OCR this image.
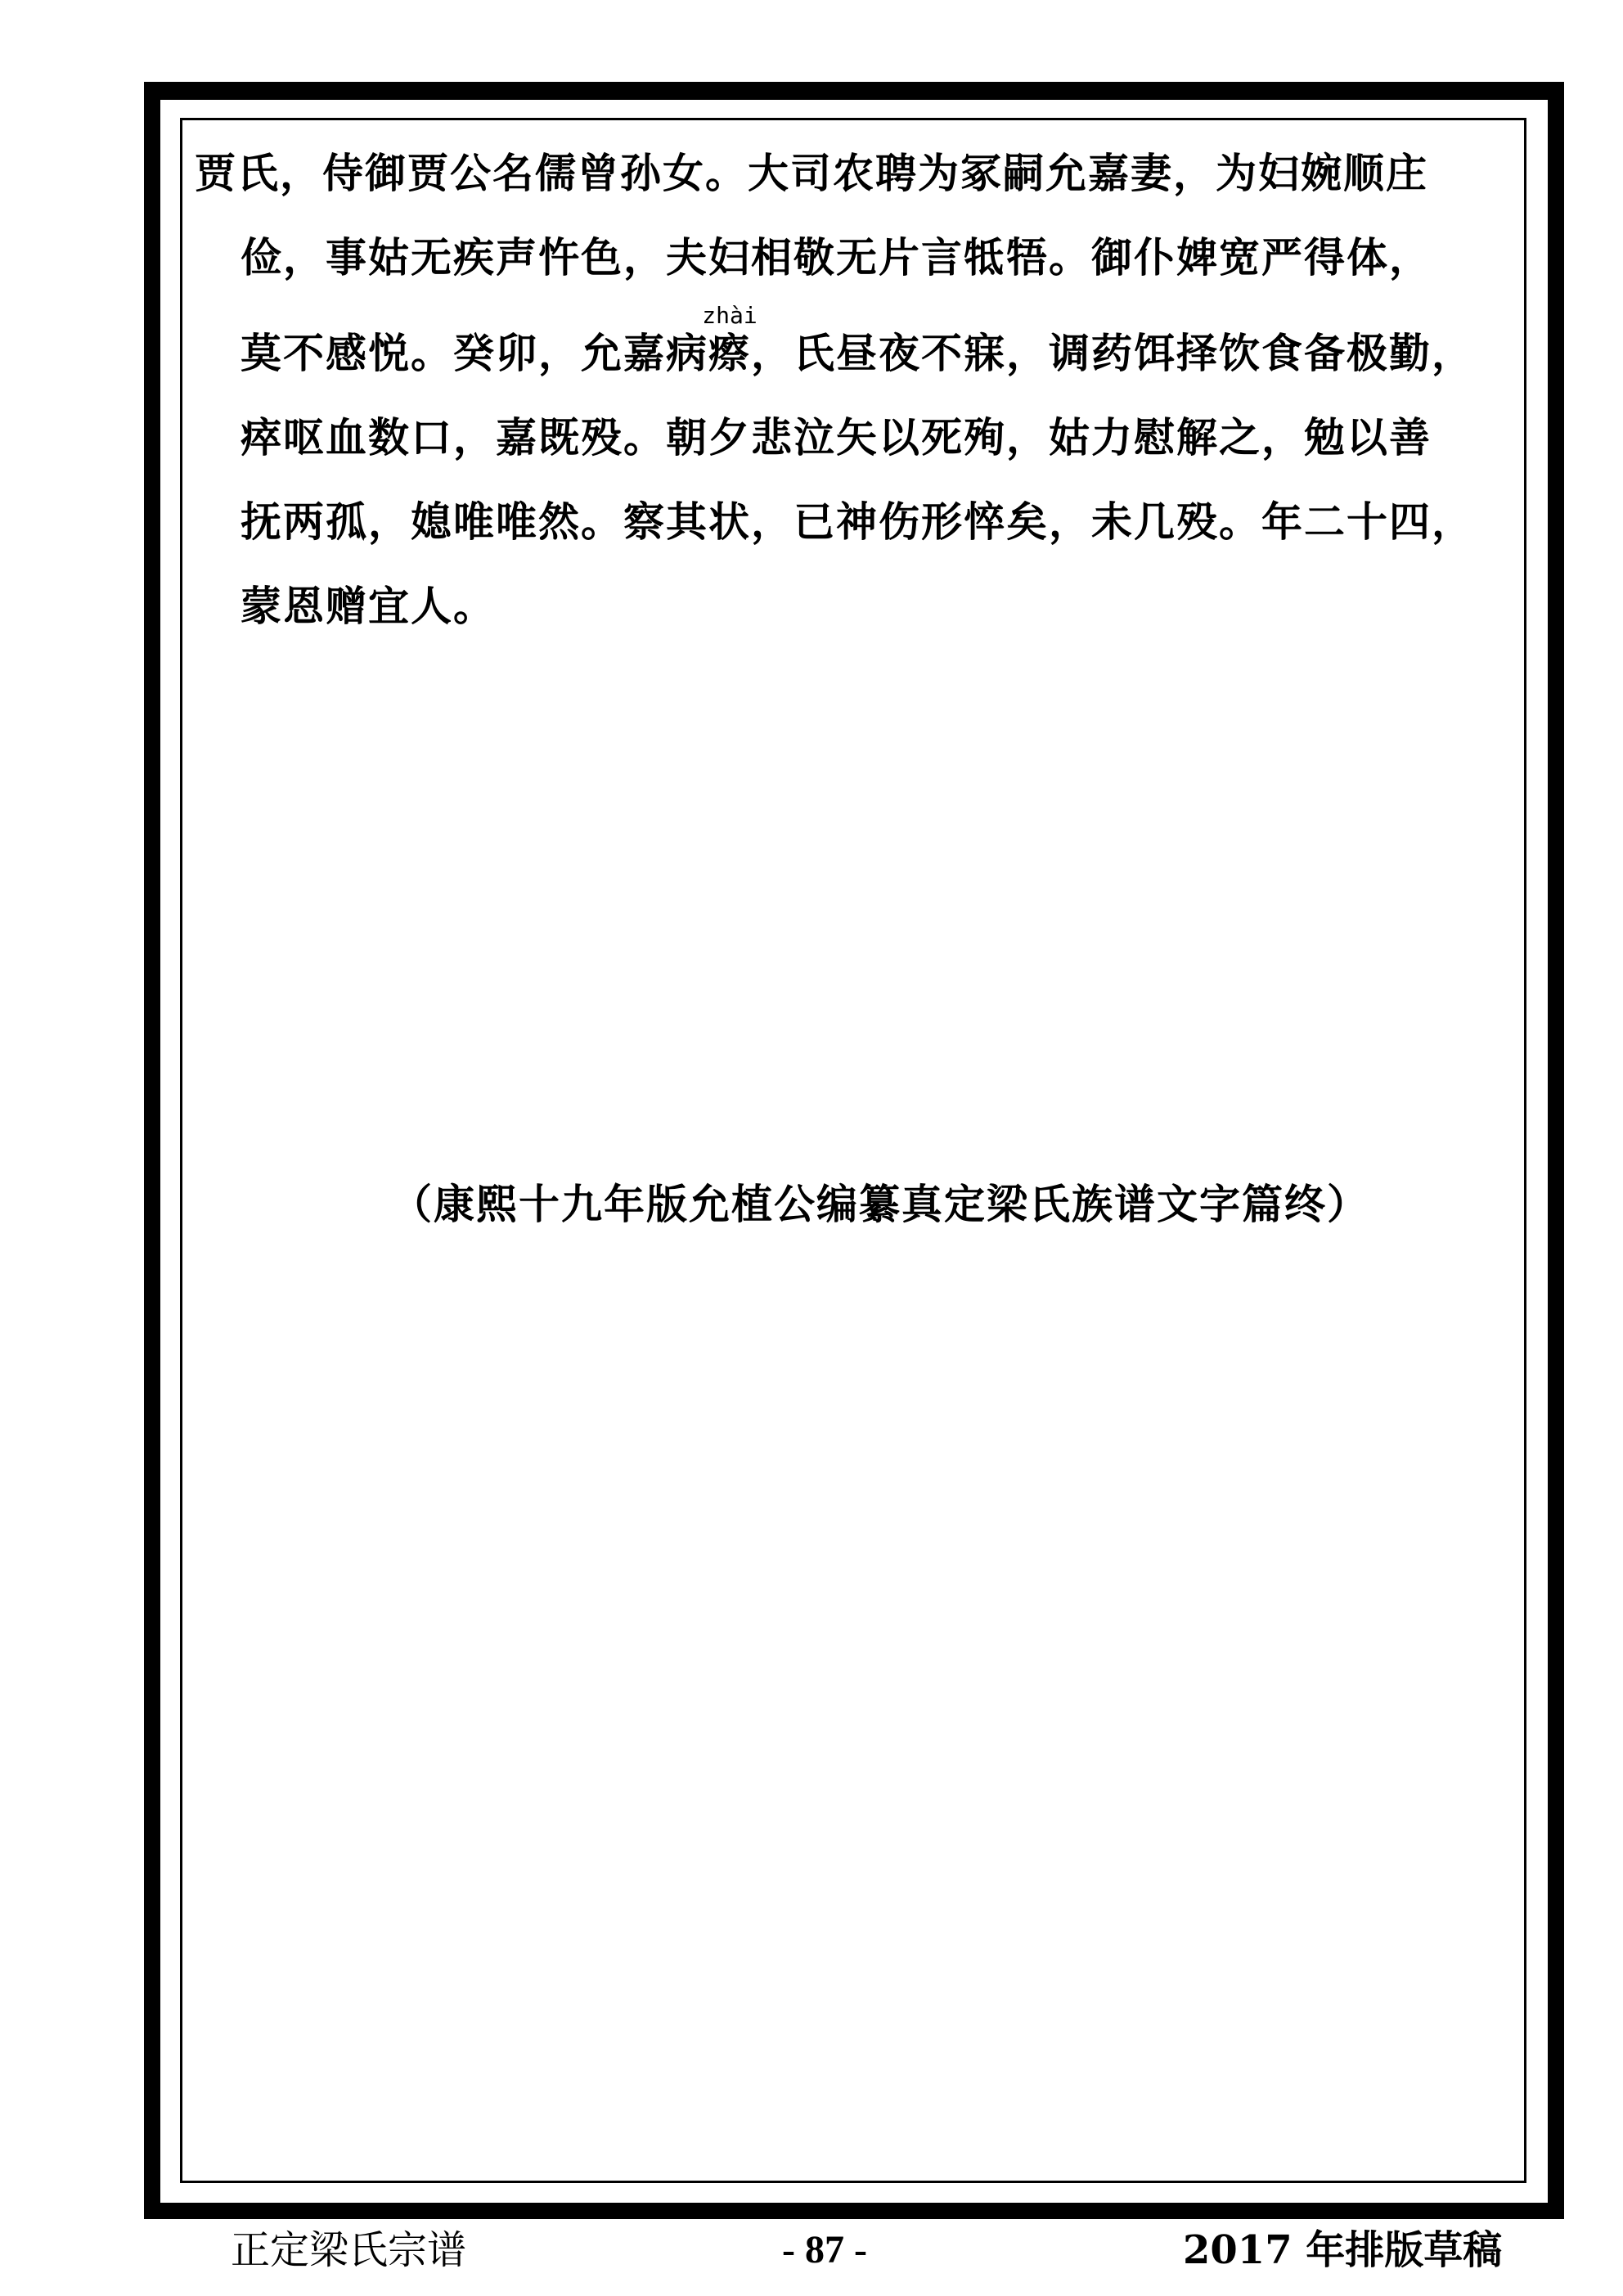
贾氏，侍御贾公名儒曾孙女。大司农聘为冢嗣允嘉妻，为妇婉顺庄
俭，事姑无疾声忤色，夫妇相敬无片言牴牾。御仆婢宽严得体，
莫不感悦。癸卯，允嘉病
zhài
瘵，氏昼夜不寐，调药饵择饮食备极勤，
瘁呕血数口，嘉既殁。朝夕悲泣矢以死殉，姑力慰解之，勉以善
抚两孤，媳唯唯然。察其状，已神伤形悴矣，未几殁。年二十四，
蒙恩赠宜人。
（康熙十九年版允植公编纂真定梁氏族谱文字篇终）
正定梁氏宗谱	- 87 -	2017 年排版草稿
